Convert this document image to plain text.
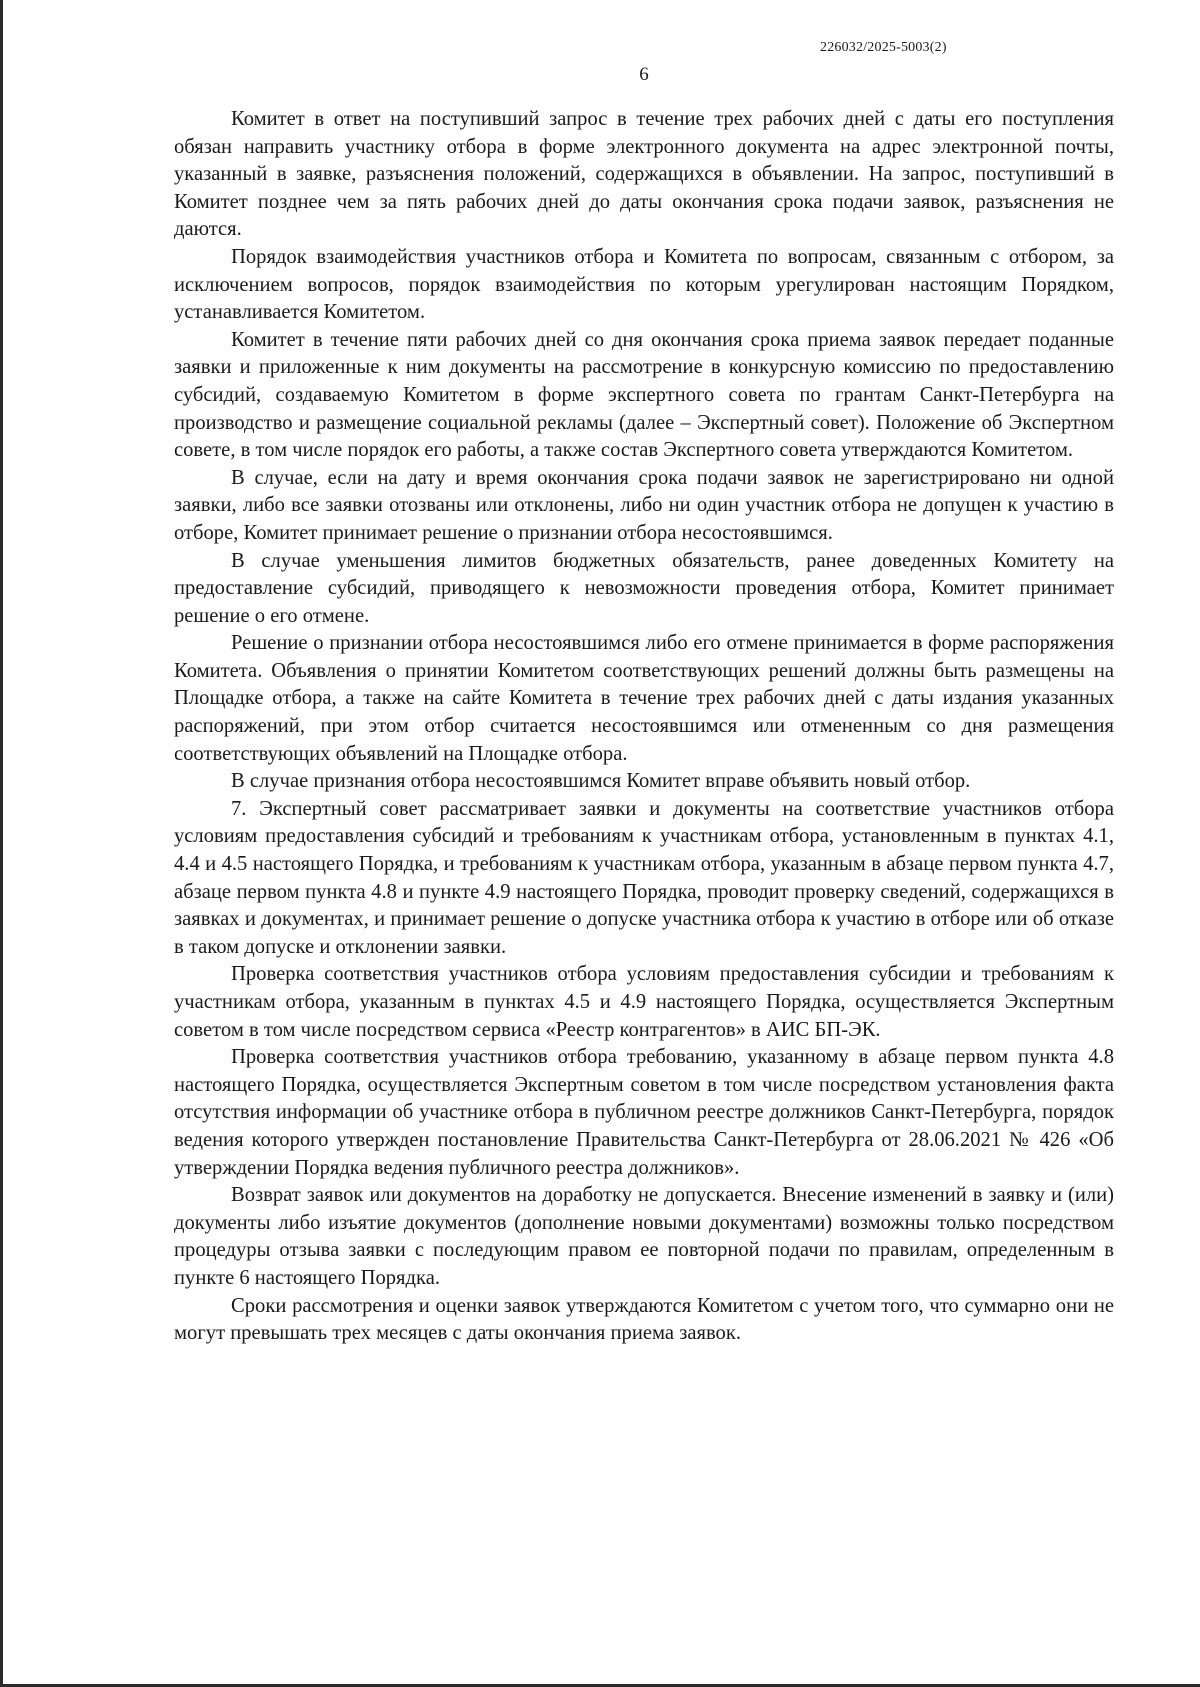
226032/2025-5003(2)
6

Комитет в ответ на поступивший запрос в течение трех рабочих дней с даты его поступления обязан направить участнику отбора в форме электронного документа на адрес электронной почты, указанный в заявке, разъяснения положений, содержащихся в объявлении. На запрос, поступивший в Комитет позднее чем за пять рабочих дней до даты окончания срока подачи заявок, разъяснения не даются.

Порядок взаимодействия участников отбора и Комитета по вопросам, связанным с отбором, за исключением вопросов, порядок взаимодействия по которым урегулирован настоящим Порядком, устанавливается Комитетом.

Комитет в течение пяти рабочих дней со дня окончания срока приема заявок передает поданные заявки и приложенные к ним документы на рассмотрение в конкурсную комиссию по предоставлению субсидий, создаваемую Комитетом в форме экспертного совета по грантам Санкт-Петербурга на производство и размещение социальной рекламы (далее – Экспертный совет). Положение об Экспертном совете, в том числе порядок его работы, а также состав Экспертного совета утверждаются Комитетом.

В случае, если на дату и время окончания срока подачи заявок не зарегистрировано ни одной заявки, либо все заявки отозваны или отклонены, либо ни один участник отбора не допущен к участию в отборе, Комитет принимает решение о признании отбора несостоявшимся.

В случае уменьшения лимитов бюджетных обязательств, ранее доведенных Комитету на предоставление субсидий, приводящего к невозможности проведения отбора, Комитет принимает решение о его отмене.

Решение о признании отбора несостоявшимся либо его отмене принимается в форме распоряжения Комитета. Объявления о принятии Комитетом соответствующих решений должны быть размещены на Площадке отбора, а также на сайте Комитета в течение трех рабочих дней с даты издания указанных распоряжений, при этом отбор считается несостоявшимся или отмененным со дня размещения соответствующих объявлений на Площадке отбора.

В случае признания отбора несостоявшимся Комитет вправе объявить новый отбор.

7. Экспертный совет рассматривает заявки и документы на соответствие участников отбора условиям предоставления субсидий и требованиям к участникам отбора, установленным в пунктах 4.1, 4.4 и 4.5 настоящего Порядка, и требованиям к участникам отбора, указанным в абзаце первом пункта 4.7, абзаце первом пункта 4.8 и пункте 4.9 настоящего Порядка, проводит проверку сведений, содержащихся в заявках и документах, и принимает решение о допуске участника отбора к участию в отборе или об отказе в таком допуске и отклонении заявки.

Проверка соответствия участников отбора условиям предоставления субсидии и требованиям к участникам отбора, указанным в пунктах 4.5 и 4.9 настоящего Порядка, осуществляется Экспертным советом в том числе посредством сервиса «Реестр контрагентов» в АИС БП-ЭК.

Проверка соответствия участников отбора требованию, указанному в абзаце первом пункта 4.8 настоящего Порядка, осуществляется Экспертным советом в том числе посредством установления факта отсутствия информации об участнике отбора в публичном реестре должников Санкт-Петербурга, порядок ведения которого утвержден постановление Правительства Санкт-Петербурга от 28.06.2021 № 426 «Об утверждении Порядка ведения публичного реестра должников».

Возврат заявок или документов на доработку не допускается. Внесение изменений в заявку и (или) документы либо изъятие документов (дополнение новыми документами) возможны только посредством процедуры отзыва заявки с последующим правом ее повторной подачи по правилам, определенным в пункте 6 настоящего Порядка.

Сроки рассмотрения и оценки заявок утверждаются Комитетом с учетом того, что суммарно они не могут превышать трех месяцев с даты окончания приема заявок.
